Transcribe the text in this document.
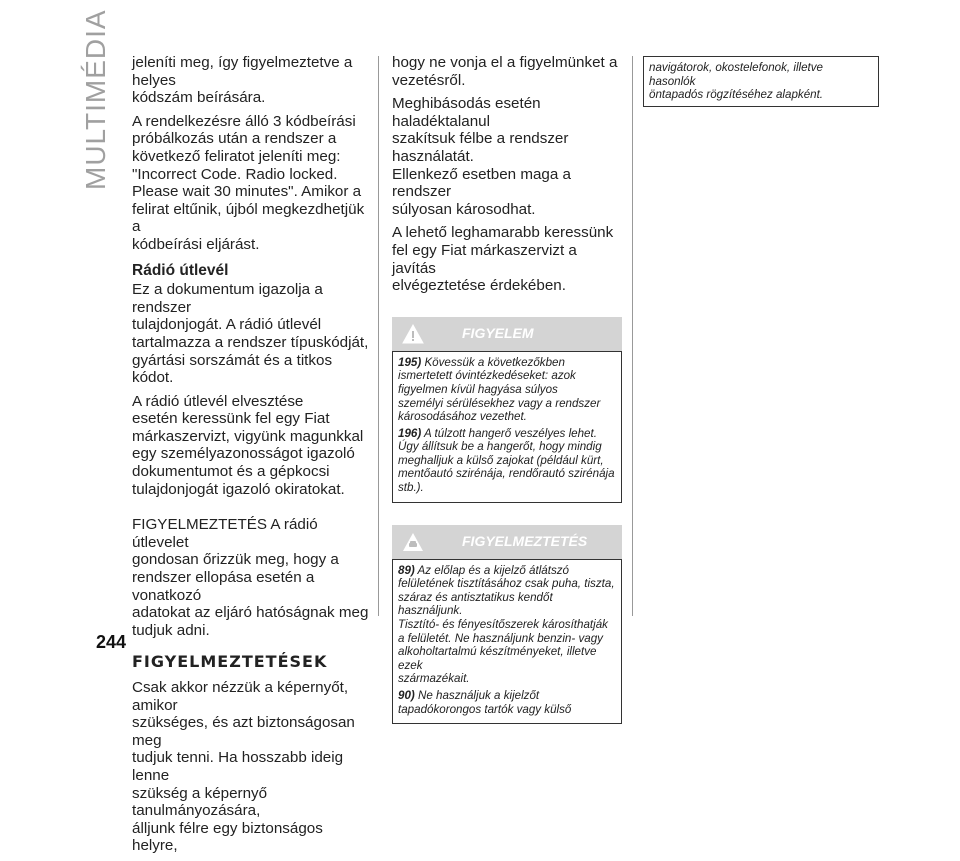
MULTIMÉDIA
244
jeleníti meg, így figyelmeztetve a helyes
kódszám beírására.
A rendelkezésre álló 3 kódbeírási
próbálkozás után a rendszer a
következő feliratot jeleníti meg:
"Incorrect Code. Radio locked.
Please wait 30 minutes". Amikor a
felirat eltűnik, újból megkezdhetjük a
kódbeírási eljárást.
Rádió útlevél
Ez a dokumentum igazolja a rendszer
tulajdonjogát. A rádió útlevél
tartalmazza a rendszer típuskódját,
gyártási sorszámát és a titkos kódot.
A rádió útlevél elvesztése
esetén keressünk fel egy Fiat
márkaszervizt, vigyünk magunkkal
egy személyazonosságot igazoló
dokumentumot és a gépkocsi
tulajdonjogát igazoló okiratokat.
FIGYELMEZTETÉS A rádió útlevelet
gondosan őrizzük meg, hogy a
rendszer ellopása esetén a vonatkozó
adatokat az eljáró hatóságnak meg
tudjuk adni.
FIGYELMEZTETÉSEK
Csak akkor nézzük a képernyőt, amikor
szükséges, és azt biztonságosan meg
tudjuk tenni. Ha hosszabb ideig lenne
szükség a képernyő tanulmányozására,
álljunk félre egy biztonságos helyre,
hogy ne vonja el a figyelmünket a
vezetésről.
Meghibásodás esetén haladéktalanul
szakítsuk félbe a rendszer használatát.
Ellenkező esetben maga a rendszer
súlyosan károsodhat.
A lehető leghamarabb keressünk
fel egy Fiat márkaszervizt a javítás
elvégeztetése érdekében.
FIGYELEM
195) Kövessük a következőkben
ismertetett óvintézkedéseket: azok
figyelmen kívül hagyása súlyos
személyi sérülésekhez vagy a rendszer
károsodásához vezethet.
196) A túlzott hangerő veszélyes lehet.
Úgy állítsuk be a hangerőt, hogy mindig
meghalljuk a külső zajokat (például kürt,
mentőautó szirénája, rendőrautó szirénája
stb.).
FIGYELMEZTETÉS
89) Az előlap és a kijelző átlátszó
felületének tisztításához csak puha, tiszta,
száraz és antisztatikus kendőt használjunk.
Tisztító- és fényesítőszerek károsíthatják
a felületét. Ne használjunk benzin- vagy
alkoholtartalmú készítményeket, illetve ezek
származékait.
90) Ne használjuk a kijelzőt
tapadókorongos tartók vagy külső
navigátorok, okostelefonok, illetve hasonlók
öntapadós rögzítéséhez alapként.
